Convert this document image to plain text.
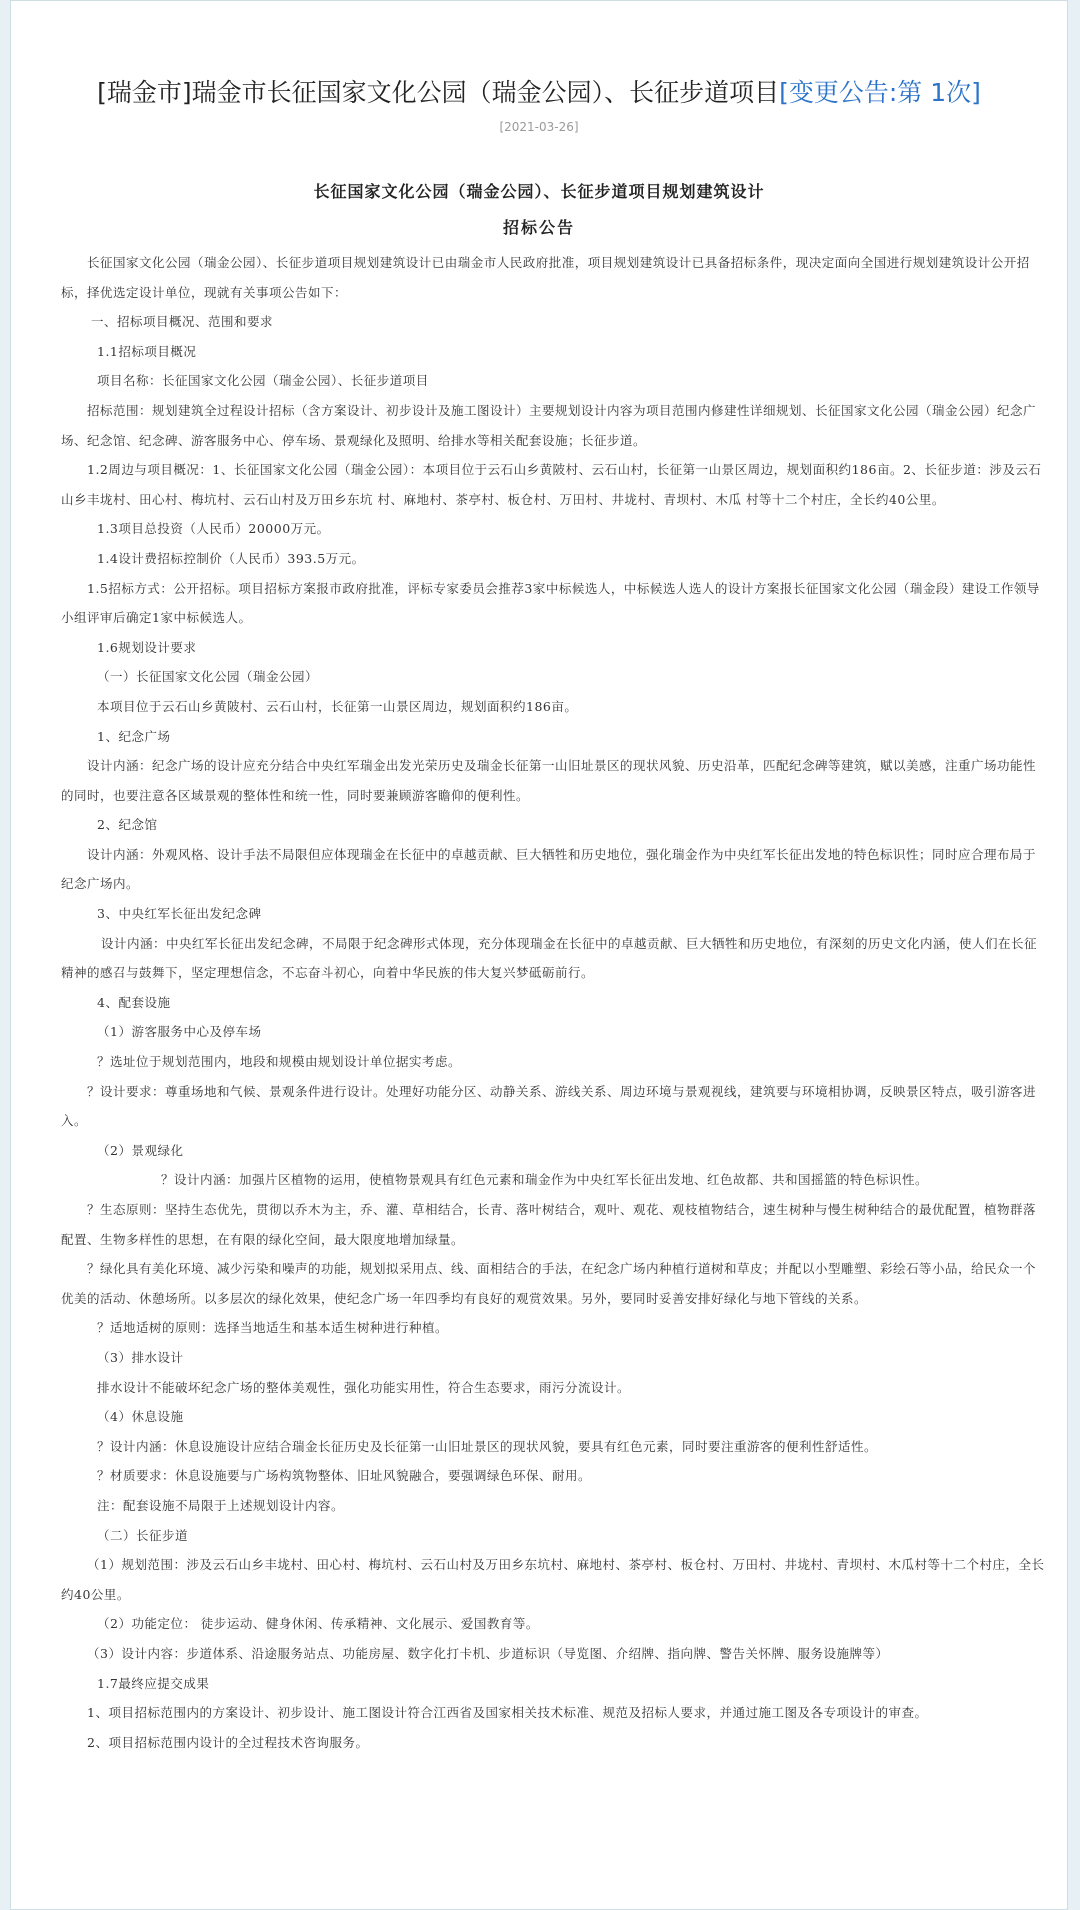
[瑞金市]瑞金市长征国家文化公园（瑞金公园）、长征步道项目[变更公告:第 1次]
[2021-03-26]
长征国家文化公园（瑞金公园）、长征步道项目规划建筑设计
招标公告

长征国家文化公园（瑞金公园）、长征步道项目规划建筑设计已由瑞金市人民政府批准，项目规划建筑设计已具备招标条件，现决定面向全国进行规划建筑设计公开招标，择优选定设计单位，现就有关事项公告如下：

一、招标项目概况、范围和要求

1.1招标项目概况

项目名称：长征国家文化公园（瑞金公园）、长征步道项目

招标范围：规划建筑全过程设计招标（含方案设计、初步设计及施工图设计）主要规划设计内容为项目范围内修建性详细规划、长征国家文化公园（瑞金公园）纪念广场、纪念馆、纪念碑、游客服务中心、停车场、景观绿化及照明、给排水等相关配套设施；长征步道。

1.2周边与项目概况：1、长征国家文化公园（瑞金公园）：本项目位于云石山乡黄陂村、云石山村，长征第一山景区周边，规划面积约186亩。2、长征步道：涉及云石山乡丰垅村、田心村、梅坑村、云石山村及万田乡东坑 村、麻地村、茶亭村、板仓村、万田村、井垅村、青坝村、木瓜 村等十二个村庄，全长约40公里。

1.3项目总投资（人民币）20000万元。

1.4设计费招标控制价（人民币）393.5万元。

1.5招标方式：公开招标。项目招标方案报市政府批准，评标专家委员会推荐3家中标候选人，中标候选人选人的设计方案报长征国家文化公园（瑞金段）建设工作领导小组评审后确定1家中标候选人。

1.6规划设计要求

（一）长征国家文化公园（瑞金公园）

本项目位于云石山乡黄陂村、云石山村，长征第一山景区周边，规划面积约186亩。

1、纪念广场

设计内涵：纪念广场的设计应充分结合中央红军瑞金出发光荣历史及瑞金长征第一山旧址景区的现状风貌、历史沿革，匹配纪念碑等建筑，赋以美感，注重广场功能性的同时，也要注意各区域景观的整体性和统一性，同时要兼顾游客瞻仰的便利性。

2、纪念馆

设计内涵：外观风格、设计手法不局限但应体现瑞金在长征中的卓越贡献、巨大牺牲和历史地位，强化瑞金作为中央红军长征出发地的特色标识性；同时应合理布局于纪念广场内。

3、中央红军长征出发纪念碑

设计内涵：中央红军长征出发纪念碑，不局限于纪念碑形式体现，充分体现瑞金在长征中的卓越贡献、巨大牺牲和历史地位，有深刻的历史文化内涵，使人们在长征精神的感召与鼓舞下，坚定理想信念，不忘奋斗初心，向着中华民族的伟大复兴梦砥砺前行。

4、配套设施

（1）游客服务中心及停车场

？选址位于规划范围内，地段和规模由规划设计单位据实考虑。

？设计要求：尊重场地和气候、景观条件进行设计。处理好功能分区、动静关系、游线关系、周边环境与景观视线，建筑要与环境相协调，反映景区特点，吸引游客进入。

（2）景观绿化

？设计内涵：加强片区植物的运用，使植物景观具有红色元素和瑞金作为中央红军长征出发地、红色故都、共和国摇篮的特色标识性。

？生态原则：坚持生态优先，贯彻以乔木为主，乔、灌、草相结合，长青、落叶树结合，观叶、观花、观枝植物结合，速生树种与慢生树种结合的最优配置，植物群落配置、生物多样性的思想，在有限的绿化空间，最大限度地增加绿量。

？绿化具有美化环境、减少污染和噪声的功能，规划拟采用点、线、面相结合的手法，在纪念广场内种植行道树和草皮；并配以小型雕塑、彩绘石等小品，给民众一个优美的活动、休憩场所。以多层次的绿化效果，使纪念广场一年四季均有良好的观赏效果。另外，要同时妥善安排好绿化与地下管线的关系。

？适地适树的原则：选择当地适生和基本适生树种进行种植。

（3）排水设计

排水设计不能破坏纪念广场的整体美观性，强化功能实用性，符合生态要求，雨污分流设计。

（4）休息设施

？设计内涵：休息设施设计应结合瑞金长征历史及长征第一山旧址景区的现状风貌，要具有红色元素，同时要注重游客的便利性舒适性。

？材质要求：休息设施要与广场构筑物整体、旧址风貌融合，要强调绿色环保、耐用。

注：配套设施不局限于上述规划设计内容。

（二）长征步道

（1）规划范围：涉及云石山乡丰垅村、田心村、梅坑村、云石山村及万田乡东坑村、麻地村、茶亭村、板仓村、万田村、井垅村、青坝村、木瓜村等十二个村庄，全长约40公里。

（2）功能定位： 徒步运动、健身休闲、传承精神、文化展示、爱国教育等。

（3）设计内容：步道体系、沿途服务站点、功能房屋、数字化打卡机、步道标识（导览图、介绍牌、指向牌、警告关怀牌、服务设施牌等）

1.7最终应提交成果

1、项目招标范围内的方案设计、初步设计、施工图设计符合江西省及国家相关技术标准、规范及招标人要求，并通过施工图及各专项设计的审查。

2、项目招标范围内设计的全过程技术咨询服务。
